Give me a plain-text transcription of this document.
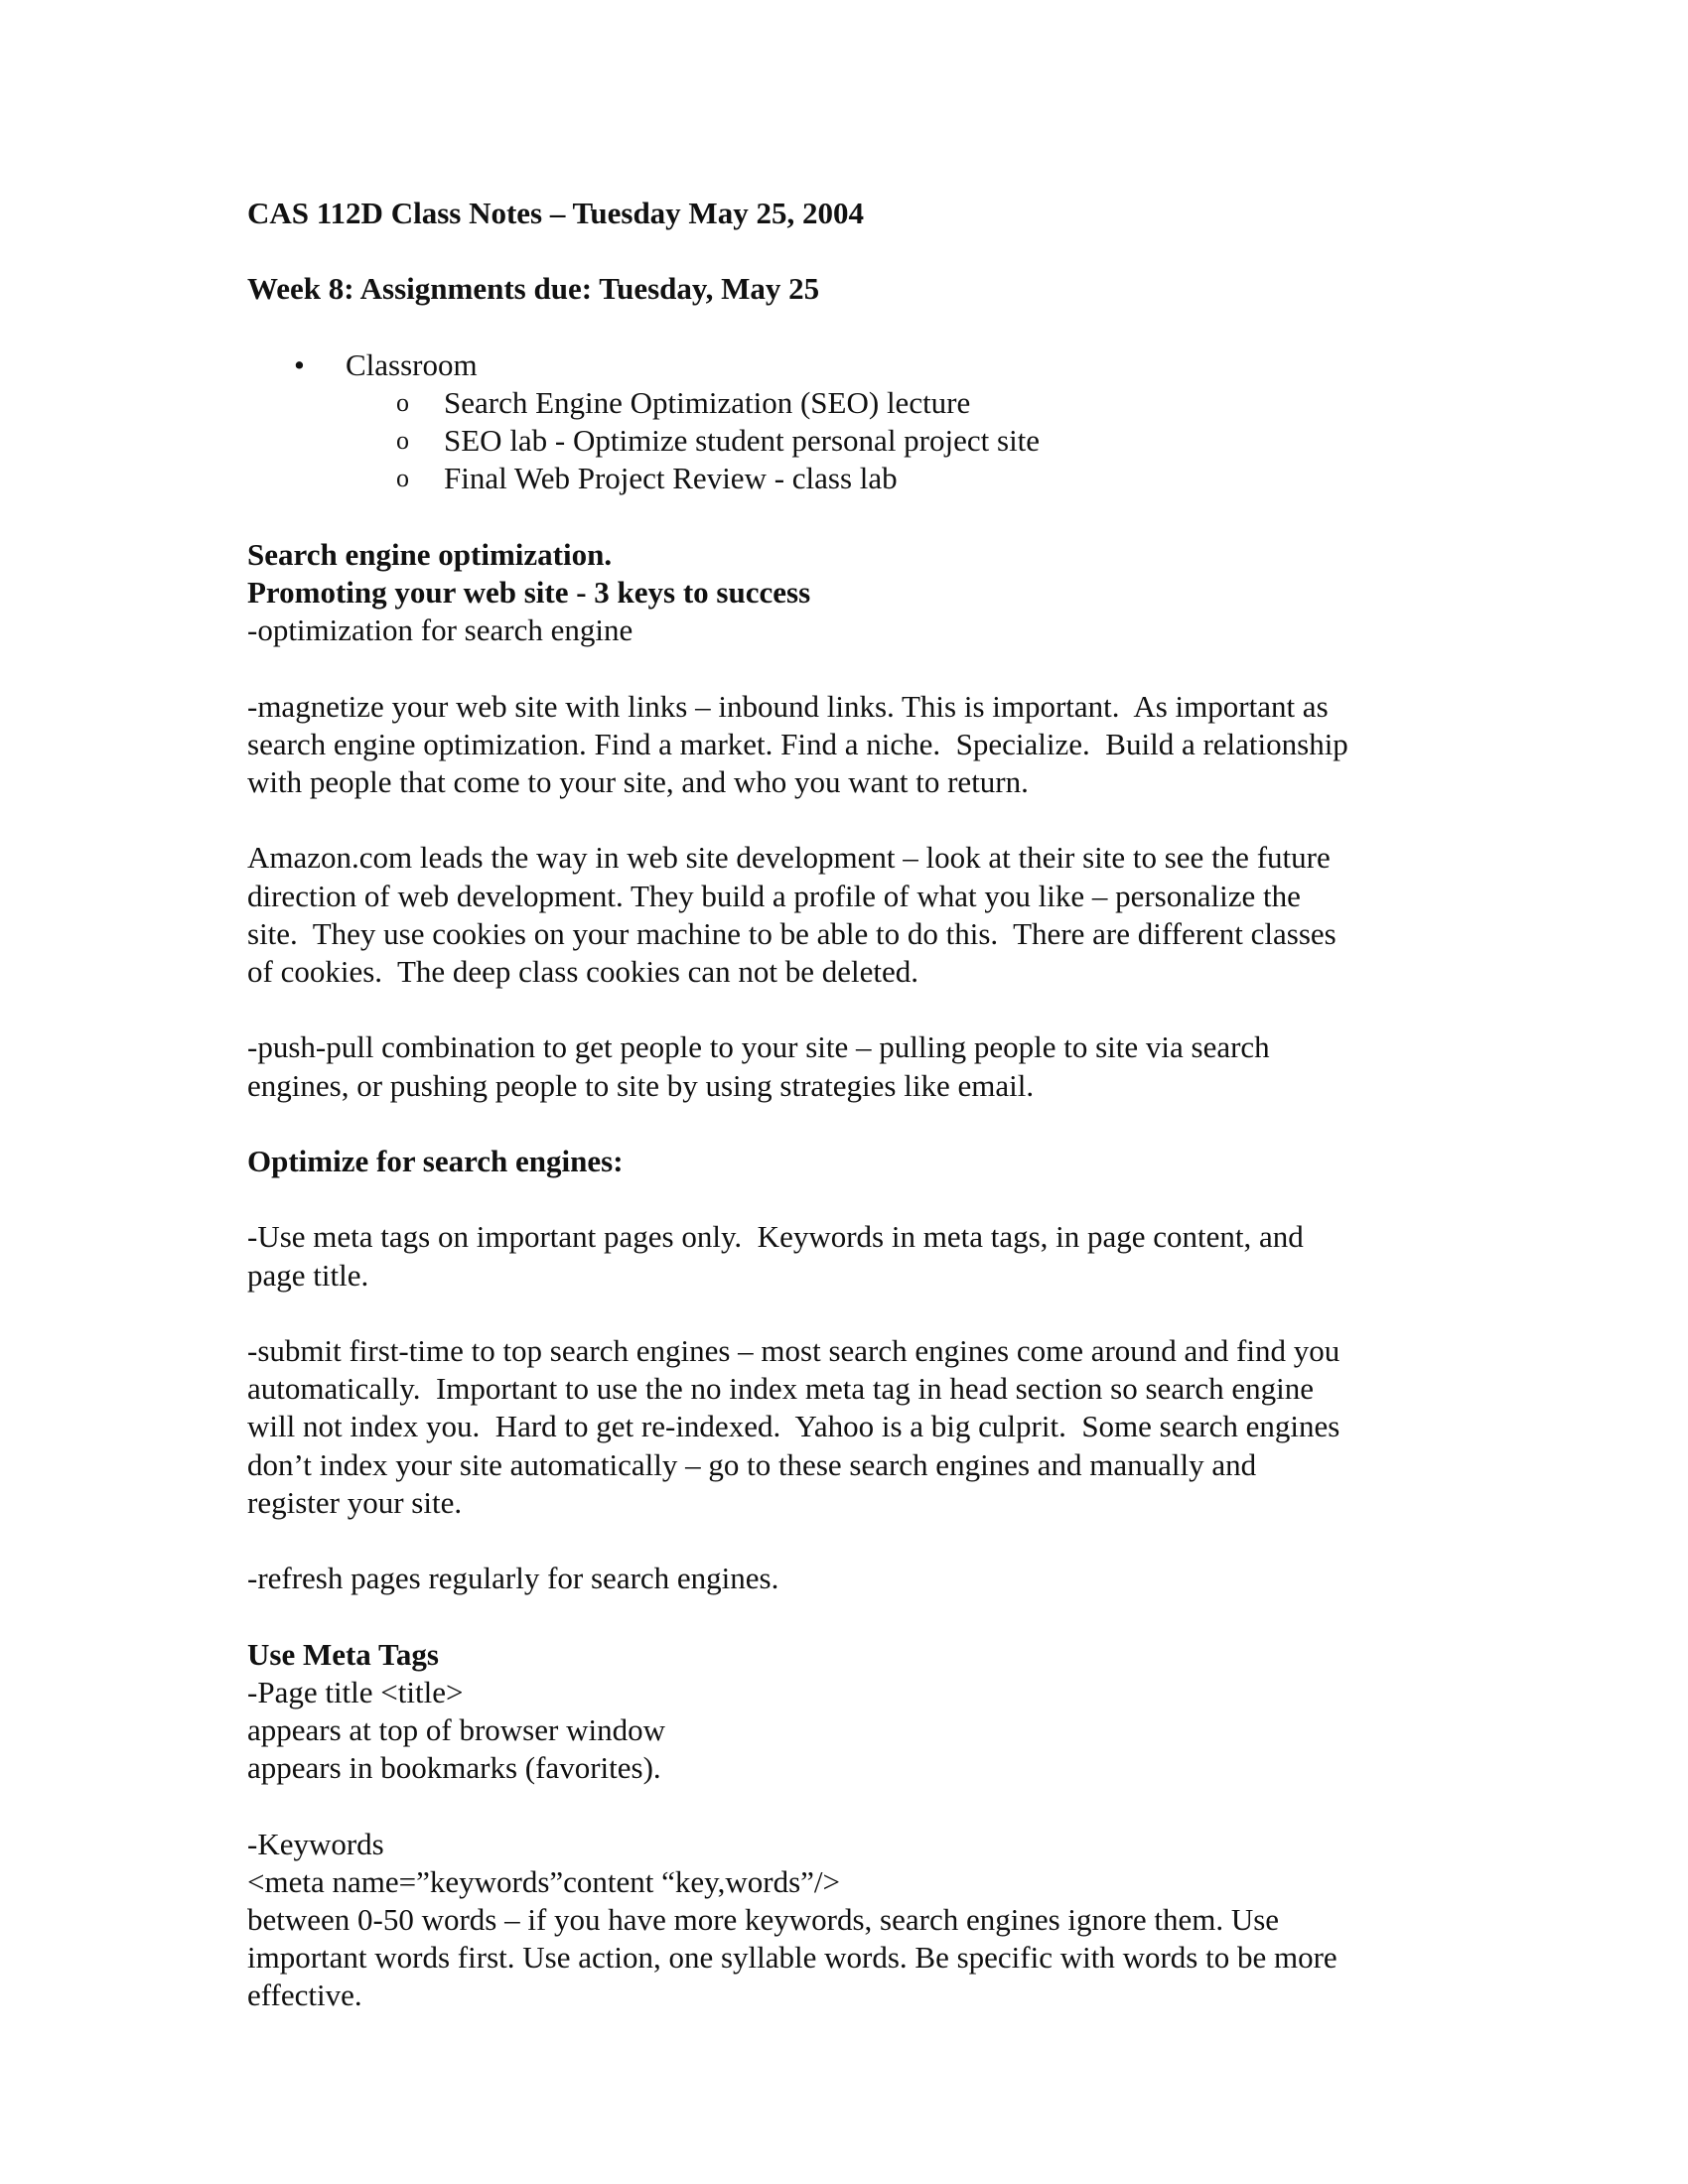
CAS 112D Class Notes – Tuesday May 25, 2004
Week 8: Assignments due: Tuesday, May 25
• Classroom
o Search Engine Optimization (SEO) lecture
o SEO lab - Optimize student personal project site
o Final Web Project Review - class lab
Search engine optimization.
Promoting your web site - 3 keys to success
-optimization for search engine
-magnetize your web site with links – inbound links. This is important.  As important as
search engine optimization. Find a market. Find a niche.  Specialize.  Build a relationship
with people that come to your site, and who you want to return.
Amazon.com leads the way in web site development – look at their site to see the future
direction of web development. They build a profile of what you like – personalize the
site.  They use cookies on your machine to be able to do this.  There are different classes
of cookies.  The deep class cookies can not be deleted.
-push-pull combination to get people to your site – pulling people to site via search
engines, or pushing people to site by using strategies like email.
Optimize for search engines:
-Use meta tags on important pages only.  Keywords in meta tags, in page content, and
page title.
-submit first-time to top search engines – most search engines come around and find you
automatically.  Important to use the no index meta tag in head section so search engine
will not index you.  Hard to get re-indexed.  Yahoo is a big culprit.  Some search engines
don’t index your site automatically – go to these search engines and manually and
register your site.
-refresh pages regularly for search engines.
Use Meta Tags
-Page title <title>
appears at top of browser window
appears in bookmarks (favorites).
-Keywords
<meta name=”keywords”content “key,words”/>
between 0-50 words – if you have more keywords, search engines ignore them. Use
important words first. Use action, one syllable words. Be specific with words to be more
effective.
